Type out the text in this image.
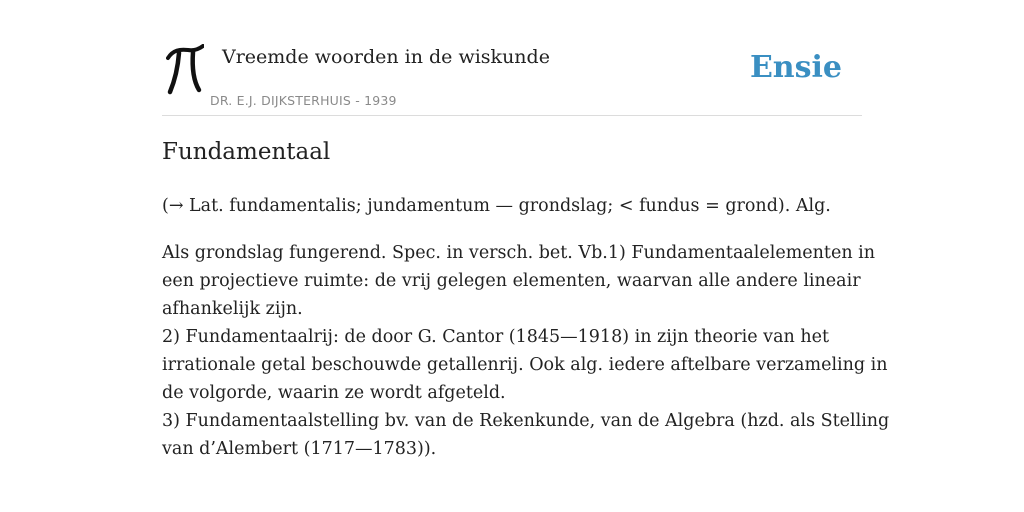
Vreemde woorden in de wiskunde
DR. E.J. DIJKSTERHUIS - 1939
Ensie
Fundamentaal

(→ Lat. fundamentalis; jundamentum — grondslag; < fundus = grond). Alg.

Als grondslag fungerend. Spec. in versch. bet. Vb.1) Fundamentaalelementen in
een projectieve ruimte: de vrij gelegen elementen, waarvan alle andere lineair
afhankelijk zijn.
2) Fundamentaalrij: de door G. Cantor (1845—1918) in zijn theorie van het
irrationale getal beschouwde getallenrij. Ook alg. iedere aftelbare verzameling in
de volgorde, waarin ze wordt afgeteld.
3) Fundamentaalstelling bv. van de Rekenkunde, van de Algebra (hzd. als Stelling
van d’Alembert (1717—1783)).
